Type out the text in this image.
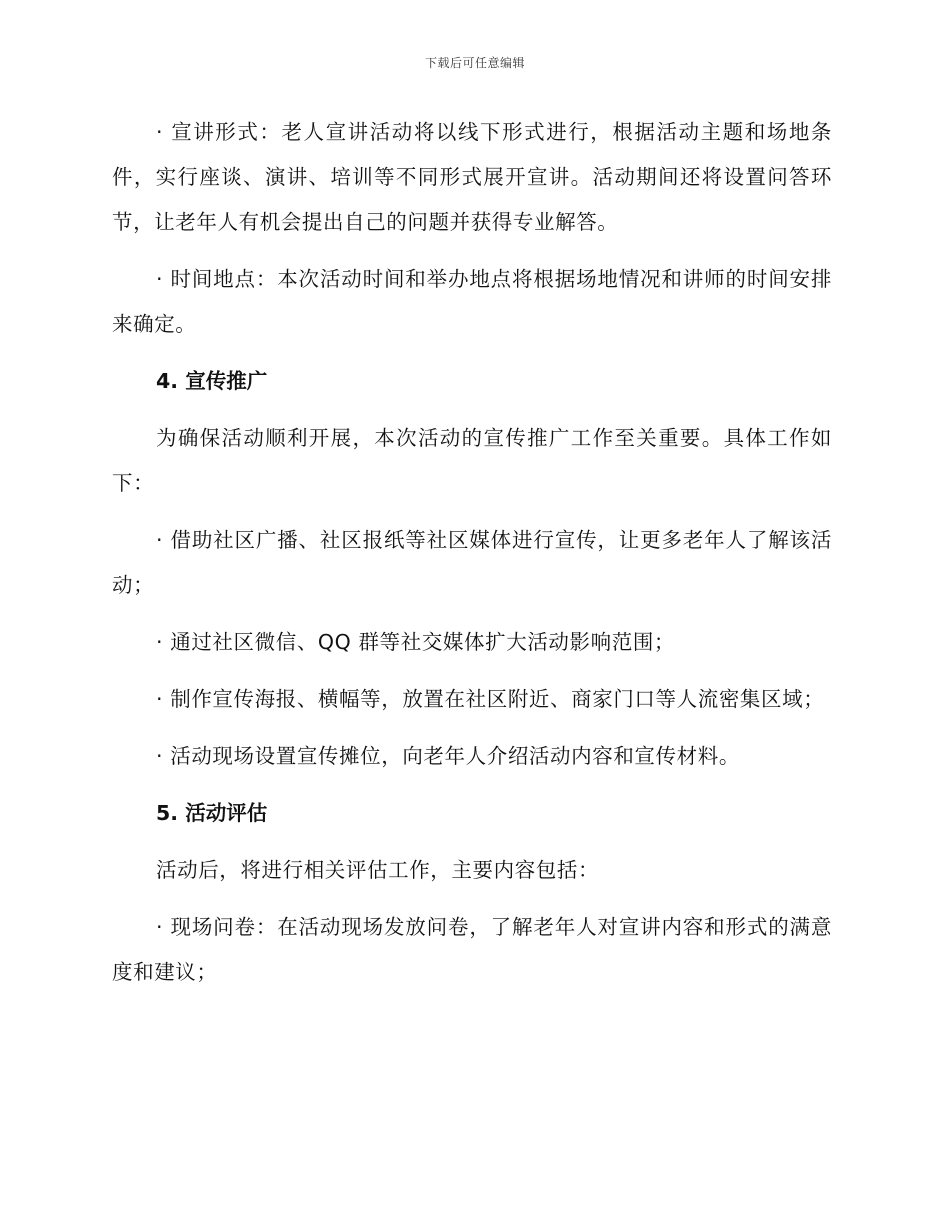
下载后可任意编辑

· 宣讲形式：老人宣讲活动将以线下形式进行，根据活动主题和场地条件，实行座谈、演讲、培训等不同形式展开宣讲。活动期间还将设置问答环节，让老年人有机会提出自己的问题并获得专业解答。

· 时间地点：本次活动时间和举办地点将根据场地情况和讲师的时间安排来确定。

4. 宣传推广

为确保活动顺利开展，本次活动的宣传推广工作至关重要。具体工作如下：

· 借助社区广播、社区报纸等社区媒体进行宣传，让更多老年人了解该活动；

· 通过社区微信、QQ 群等社交媒体扩大活动影响范围；

· 制作宣传海报、横幅等，放置在社区附近、商家门口等人流密集区域；

· 活动现场设置宣传摊位，向老年人介绍活动内容和宣传材料。

5. 活动评估

活动后，将进行相关评估工作，主要内容包括：

· 现场问卷：在活动现场发放问卷，了解老年人对宣讲内容和形式的满意度和建议；
